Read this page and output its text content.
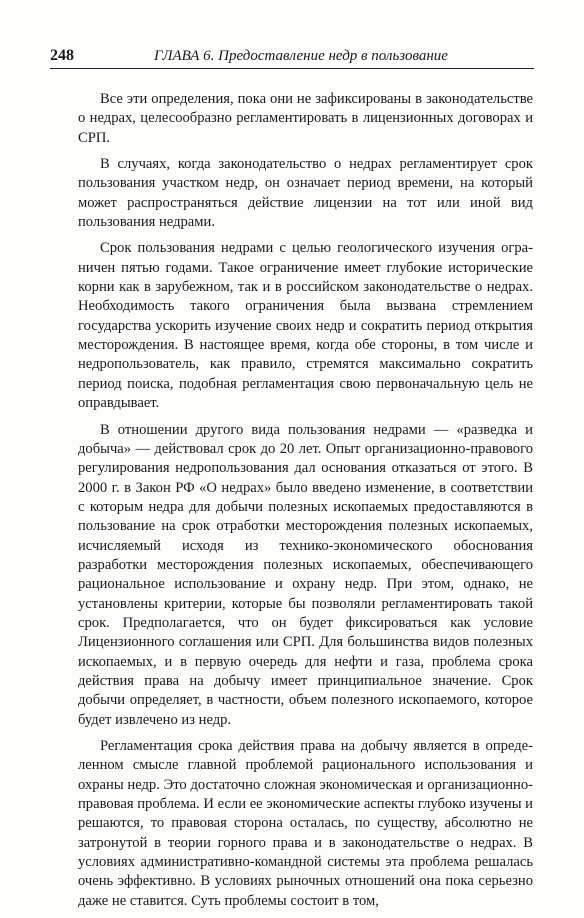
248	ГЛАВА 6. Предоставление недр в пользование

Все эти определения, пока они не зафиксированы в законодательстве о недрах, целесообразно регламентировать в лицензионных договорах и СРП.

В случаях, когда законодательство о недрах регламентирует срок пользования участком недр, он означает период времени, на который может распространяться действие лицензии на тот или иной вид пользования недрами.

Срок пользования недрами с целью геологического изучения ограничен пятью годами. Такое ограничение имеет глубокие исторические корни как в зарубежном, так и в российском законодательстве о недрах. Необходимость такого ограничения была вызвана стремлением государства ускорить изучение своих недр и сократить период открытия месторождения. В настоящее время, когда обе стороны, в том числе и недропользователь, как правило, стремятся максимально сократить период поиска, подобная регламентация свою первоначальную цель не оправдывает.

В отношении другого вида пользования недрами — «разведка и добыча» — действовал срок до 20 лет. Опыт организационно-правового регулирования недропользования дал основания отказаться от этого. В 2000 г. в Закон РФ «О недрах» было введено изменение, в соответствии с которым недра для добычи полезных ископаемых предоставляются в пользование на срок отработки месторождения полезных ископаемых, исчисляемый исходя из технико-экономического обоснования разработки месторождения полезных ископаемых, обеспечивающего рациональное использование и охрану недр. При этом, однако, не установлены критерии, которые бы позволяли регламентировать такой срок. Предполагается, что он будет фиксироваться как условие Лицензионного соглашения или СРП. Для большинства видов полезных ископаемых, и в первую очередь для нефти и газа, проблема срока действия права на добычу имеет принципиальное значение. Срок добычи определяет, в частности, объем полезного ископаемого, которое будет извлечено из недр.

Регламентация срока действия права на добычу является в определенном смысле главной проблемой рационального использования и охраны недр. Это достаточно сложная экономическая и организационно-правовая проблема. И если ее экономические аспекты глубоко изучены и решаются, то правовая сторона осталась, по существу, абсолютно не затронутой в теории горного права и в законодательстве о недрах. В условиях административно-командной системы эта проблема решалась очень эффективно. В условиях рыночных отношений она пока серьезно даже не ставится. Суть проблемы состоит в том,
